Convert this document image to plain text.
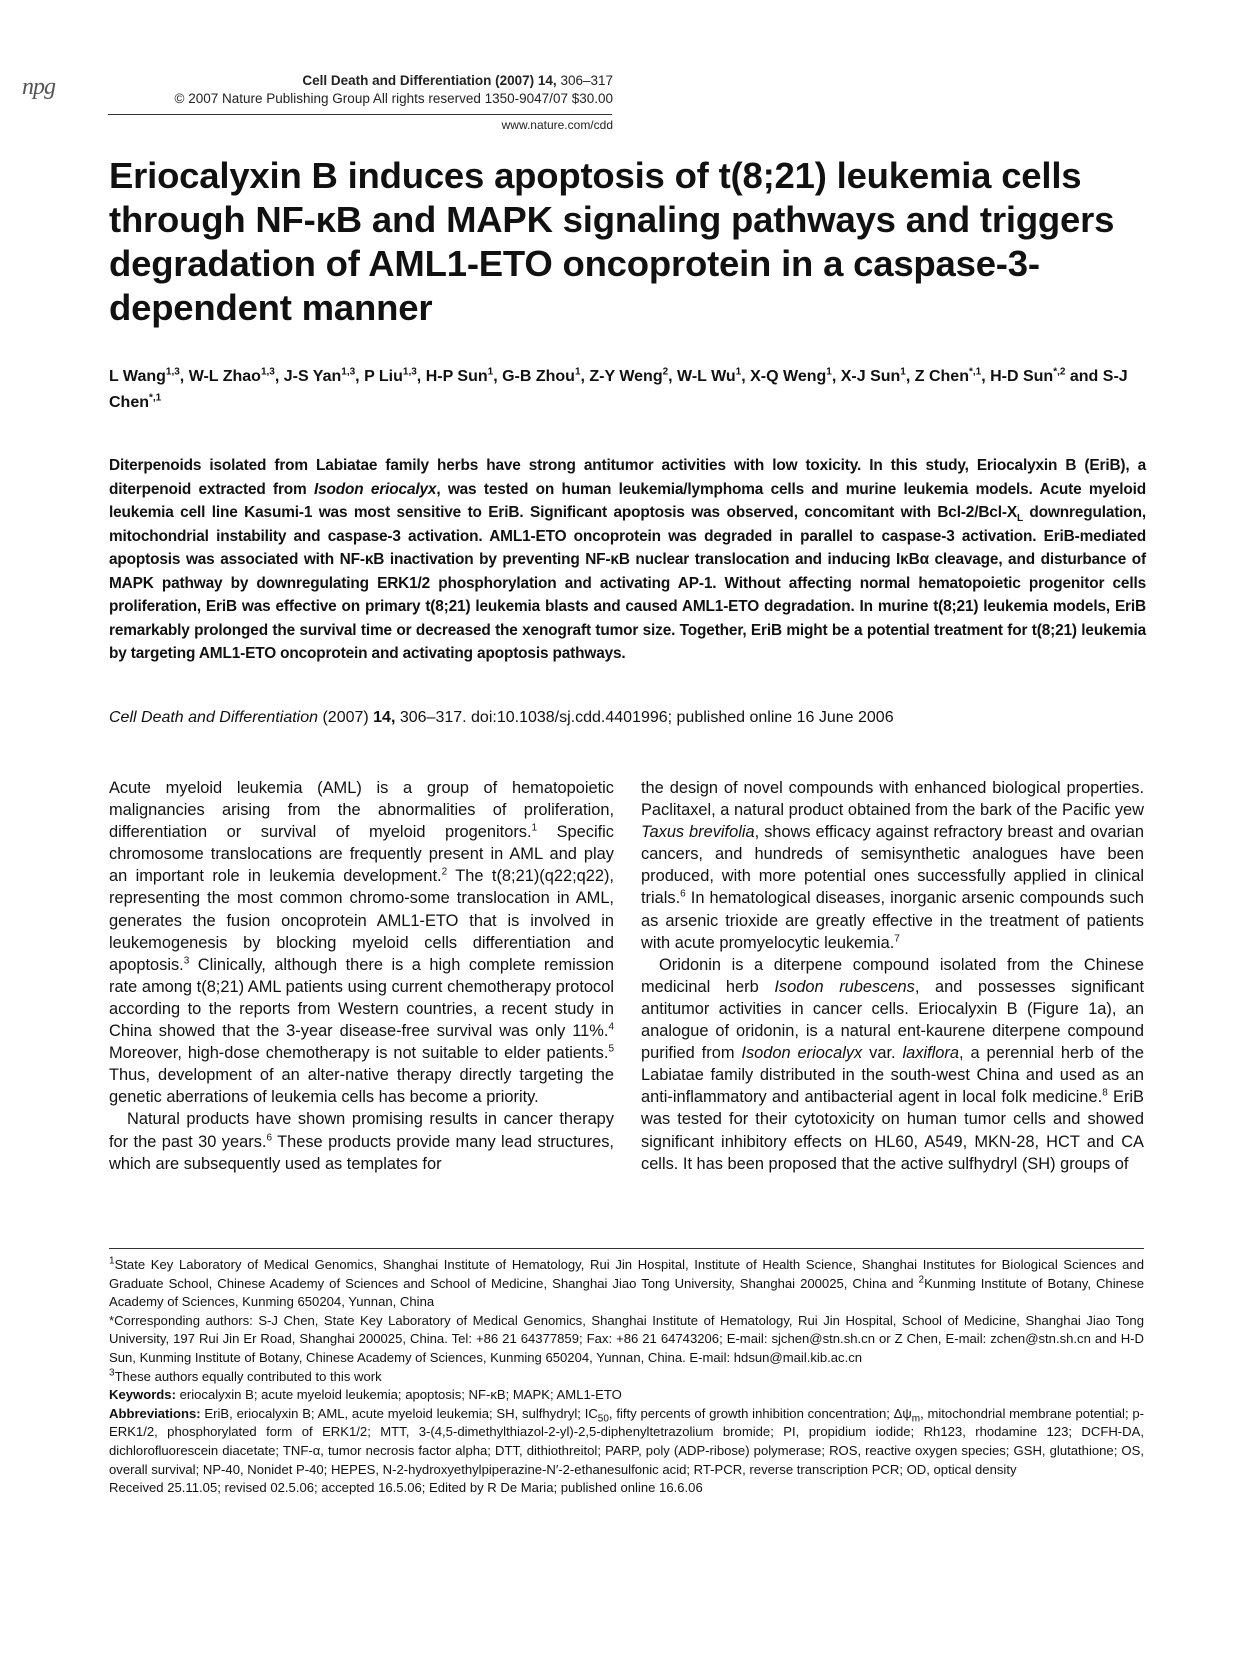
npg	Cell Death and Differentiation (2007) 14, 306–317
© 2007 Nature Publishing Group All rights reserved 1350-9047/07 $30.00
www.nature.com/cdd
Eriocalyxin B induces apoptosis of t(8;21) leukemia cells through NF-κB and MAPK signaling pathways and triggers degradation of AML1-ETO oncoprotein in a caspase-3-dependent manner
L Wang$^{1,3}$, W-L Zhao$^{1,3}$, J-S Yan$^{1,3}$, P Liu$^{1,3}$, H-P Sun$^1$, G-B Zhou$^1$, Z-Y Weng$^2$, W-L Wu$^1$, X-Q Weng$^1$, X-J Sun$^1$, Z Chen$^{*,1}$, H-D Sun$^{*,2}$ and S-J Chen$^{*,1}$
Diterpenoids isolated from Labiatae family herbs have strong antitumor activities with low toxicity. In this study, Eriocalyxin B (EriB), a diterpenoid extracted from Isodon eriocalyx, was tested on human leukemia/lymphoma cells and murine leukemia models. Acute myeloid leukemia cell line Kasumi-1 was most sensitive to EriB. Significant apoptosis was observed, concomitant with Bcl-$2/Bcl-X_L$ downregulation, mitochondrial instability and caspase-3 activation. AML1-ETO oncoprotein was degraded in parallel to caspase-3 activation. EriB-mediated apoptosis was associated with NF-κB inactivation by preventing NF-κB nuclear translocation and inducing IκBα cleavage, and disturbance of MAPK pathway by downregulating ERK1/2 phosphorylation and activating AP-1. Without affecting normal hematopoietic progenitor cells proliferation, EriB was effective on primary t(8;21) leukemia blasts and caused AML1-ETO degradation. In murine t(8;21) leukemia models, EriB remarkably prolonged the survival time or decreased the xenograft tumor size. Together, EriB might be a potential treatment for t(8;21) leukemia by targeting AML1-ETO oncoprotein and activating apoptosis pathways.
Cell Death and Differentiation (2007) 14, 306–317. doi:10.1038/sj.cdd.4401996; published online 16 June 2006

Acute myeloid leukemia (AML) is a group of hematopoietic malignancies arising from the abnormalities of proliferation, differentiation or survival of myeloid progenitors.$^1$ Specific chromosome translocations are frequently present in AML and play an important role in leukemia development.$^2$ The t(8;21)(q22;q22), representing the most common chromo-some translocation in AML, generates the fusion oncoprotein AML1-ETO that is involved in leukemogenesis by blocking myeloid cells differentiation and apoptosis.$^3$ Clinically, although there is a high complete remission rate among t(8;21) AML patients using current chemotherapy protocol according to the reports from Western countries, a recent study in China showed that the 3-year disease-free survival was only 11%.$^4$ Moreover, high-dose chemotherapy is not suitable to elder patients.$^5$ Thus, development of an alter-native therapy directly targeting the genetic aberrations of leukemia cells has become a priority.

Natural products have shown promising results in cancer therapy for the past 30 years.$^6$ These products provide many lead structures, which are subsequently used as templates for

the design of novel compounds with enhanced biological properties. Paclitaxel, a natural product obtained from the bark of the Pacific yew Taxus brevifolia, shows efficacy against refractory breast and ovarian cancers, and hundreds of semisynthetic analogues have been produced, with more potential ones successfully applied in clinical trials.$^6$ In hematological diseases, inorganic arsenic compounds such as arsenic trioxide are greatly effective in the treatment of patients with acute promyelocytic leukemia.$^7$

Oridonin is a diterpene compound isolated from the Chinese medicinal herb Isodon rubescens, and possesses significant antitumor activities in cancer cells. Eriocalyxin B (Figure 1a), an analogue of oridonin, is a natural ent-kaurene diterpene compound purified from Isodon eriocalyx var. laxiflora, a perennial herb of the Labiatae family distributed in the south-west China and used as an anti-inflammatory and antibacterial agent in local folk medicine.$^8$ EriB was tested for their cytotoxicity on human tumor cells and showed significant inhibitory effects on HL60, A549, MKN-28, HCT and CA cells. It has been proposed that the active sulfhydryl (SH) groups of

$^1$State Key Laboratory of Medical Genomics, Shanghai Institute of Hematology, Rui Jin Hospital, Institute of Health Science, Shanghai Institutes for Biological Sciences and Graduate School, Chinese Academy of Sciences and School of Medicine, Shanghai Jiao Tong University, Shanghai 200025, China and $^2$Kunming Institute of Botany, Chinese Academy of Sciences, Kunming 650204, Yunnan, China

*Corresponding authors: S-J Chen, State Key Laboratory of Medical Genomics, Shanghai Institute of Hematology, Rui Jin Hospital, School of Medicine, Shanghai Jiao Tong University, 197 Rui Jin Er Road, Shanghai 200025, China. Tel: +86 21 64377859; Fax: +86 21 64743206; E-mail: sjchen@stn.sh.cn or Z Chen, E-mail: zchen@stn.sh.cn and H-D Sun, Kunming Institute of Botany, Chinese Academy of Sciences, Kunming 650204, Yunnan, China. E-mail: hdsun@mail.kib.ac.cn

$^3$These authors equally contributed to this work

Keywords: eriocalyxin B; acute myeloid leukemia; apoptosis; NF-κB; MAPK; AML1-ETO

Abbreviations: EriB, eriocalyxin B; AML, acute myeloid leukemia; SH, sulfhydryl; $IC_{50}$, fifty percents of growth inhibition concentration; $\Delta\psi_m$, mitochondrial membrane potential; p-ERK1/2, phosphorylated form of ERK1/2; MTT, 3-(4,5-dimethylthiazol-2-yl)-2,5-diphenyltetrazolium bromide; PI, propidium iodide; Rh123, rhodamine 123; DCFH-DA, dichlorofluorescein diacetate; TNF-α, tumor necrosis factor alpha; DTT, dithiothreitol; PARP, poly (ADP-ribose) polymerase; ROS, reactive oxygen species; GSH, glutathione; OS, overall survival; NP-40, Nonidet P-40; HEPES, N-2-hydroxyethylpiperazine-N′-2-ethanesulfonic acid; RT-PCR, reverse transcription PCR; OD, optical density

Received 25.11.05; revised 02.5.06; accepted 16.5.06; Edited by R De Maria; published online 16.6.06
